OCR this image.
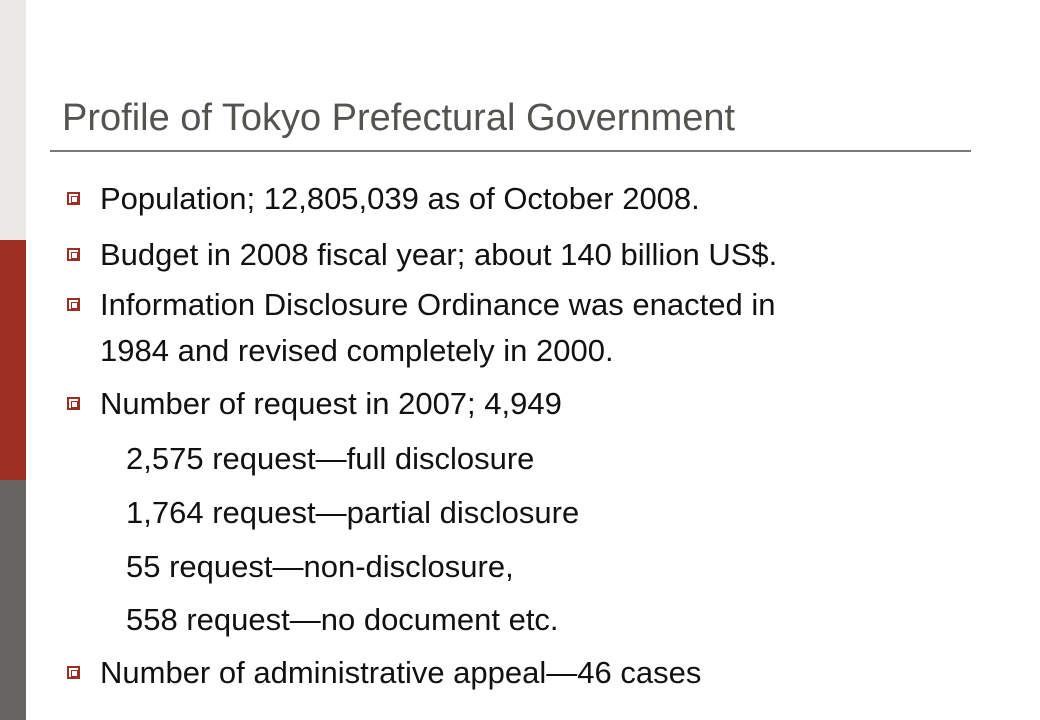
Profile of Tokyo Prefectural Government
Population; 12,805,039 as of October 2008.
Budget in 2008 fiscal year; about 140 billion US$.
Information Disclosure Ordinance was enacted in
1984 and revised completely in 2000.
Number of request in 2007; 4,949
2,575 request—full disclosure
1,764 request—partial disclosure
55 request—non-disclosure,
558 request—no document etc.
Number of administrative appeal—46 cases
